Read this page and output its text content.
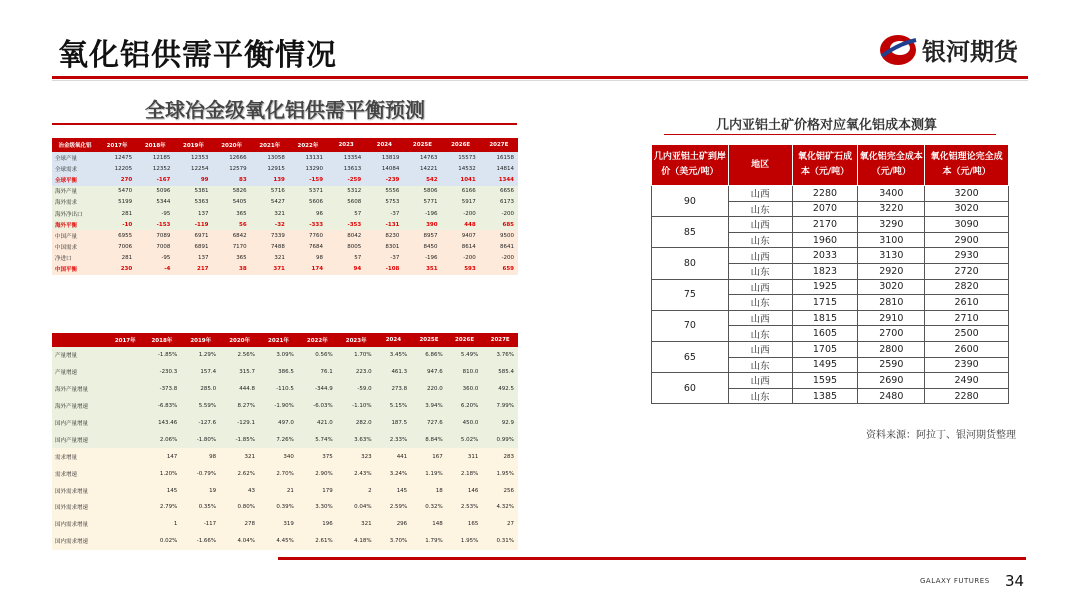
氧化铝供需平衡情况	银河期货
全球冶金级氧化铝供需平衡预测
冶金级氧化铝	2017年	2018年	2019年	2020年	2021年	2022年	2023	2024	2025E	2026E	2027E
全球产量	12475	12185	12353	12666	13058	13131	13354	13819	14763	15573	16158
全球需求	12205	12352	12254	12579	12915	13290	13613	14084	14221	14532	14814
全球平衡	270	-167	99	83	139	-159	-259	-239	542	1041	1344
海外产量	5470	5096	5381	5826	5716	5371	5312	5556	5806	6166	6656
海外需求	5199	5344	5363	5405	5427	5606	5608	5753	5771	5917	6173
海外净出口	281	-95	137	365	321	96	57	-37	-196	-200	-200
海外平衡	-10	-153	-119	56	-32	-333	-353	-131	390	448	685
中国产量	6955	7089	6971	6842	7339	7760	8042	8230	8957	9407	9500
中国需求	7006	7008	6891	7170	7488	7684	8005	8301	8450	8614	8641
净进口	281	-95	137	365	321	98	57	-37	-196	-200	-200
中国平衡	230	-4	217	38	371	174	94	-108	351	593	659
	2017年	2018年	2019年	2020年	2021年	2022年	2023年	2024	2025E	2026E	2027E
产量增量		-1.85%	1.29%	2.56%	3.09%	0.56%	1.70%	3.45%	6.86%	5.49%	3.76%
产量增速		-230.3	157.4	315.7	386.5	76.1	223.0	461.3	947.6	810.0	585.4
海外产量增量		-373.8	285.0	444.8	-110.5	-344.9	-59.0	273.8	220.0	360.0	492.5
海外产量增速		-6.83%	5.59%	8.27%	-1.90%	-6.03%	-1.10%	5.15%	3.94%	6.20%	7.99%
国内产量增量		143.46	-127.6	-129.1	497.0	421.0	282.0	187.5	727.6	450.0	92.9
国内产量增速		2.06%	-1.80%	-1.85%	7.26%	5.74%	3.63%	2.33%	8.84%	5.02%	0.99%
需求增量		147	98	321	340	375	323	441	167	311	283
需求增速		1.20%	-0.79%	2.62%	2.70%	2.90%	2.43%	3.24%	1.19%	2.18%	1.95%
国外需求增量		145	19	43	21	179	2	145	18	146	256
国外需求增速		2.79%	0.35%	0.80%	0.39%	3.30%	0.04%	2.59%	0.32%	2.53%	4.32%
国内需求增量		1	-117	278	319	196	321	296	148	165	27
国内需求增速		0.02%	-1.66%	4.04%	4.45%	2.61%	4.18%	3.70%	1.79%	1.95%	0.31%
几内亚铝土矿价格对应氧化铝成本测算
几内亚铝土矿到岸价（美元/吨）	地区	氧化铝矿石成本（元/吨）	氧化铝完全成本（元/吨）	氧化铝理论完全成本（元/吨）
90	山西	2280	3400	3200
	山东	2070	3220	3020
85	山西	2170	3290	3090
	山东	1960	3100	2900
80	山西	2033	3130	2930
	山东	1823	2920	2720
75	山西	1925	3020	2820
	山东	1715	2810	2610
70	山西	1815	2910	2710
	山东	1605	2700	2500
65	山西	1705	2800	2600
	山东	1495	2590	2390
60	山西	1595	2690	2490
	山东	1385	2480	2280
资料来源：阿拉丁、银河期货整理
GALAXY FUTURES 34
